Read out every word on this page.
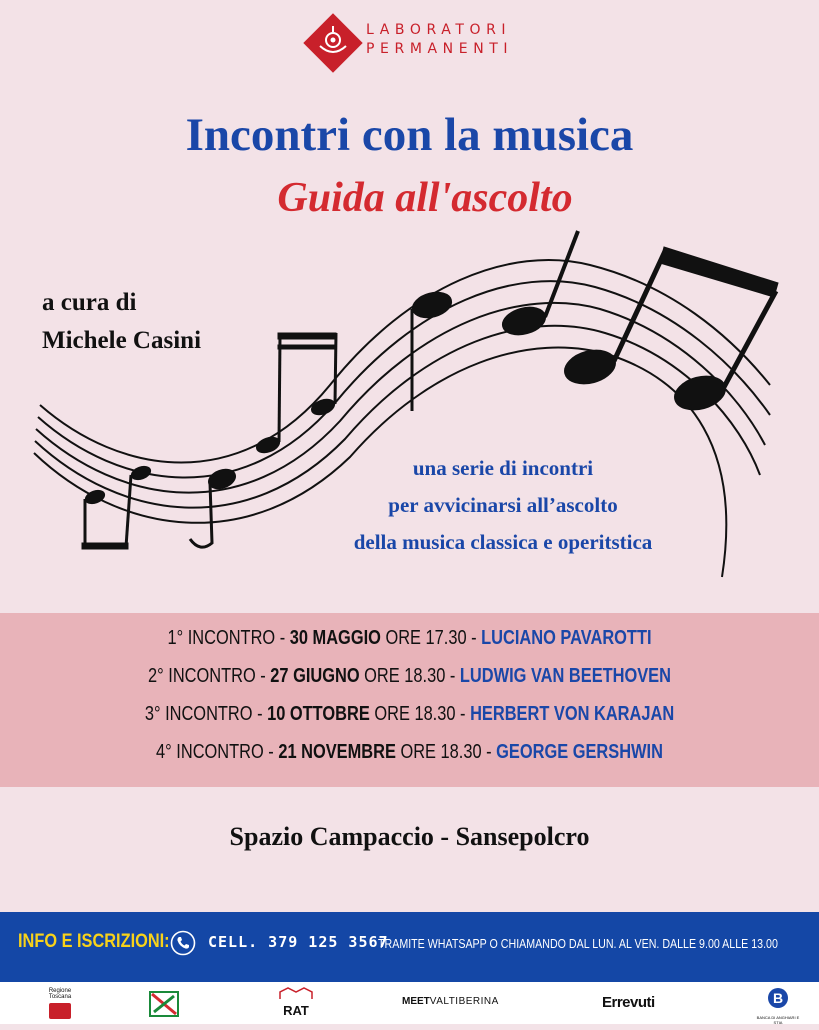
LABORATORI
PERMANENTI
Incontri con la musica
Guida all'ascolto
a cura di
Michele Casini
una serie di incontri
per avvicinarsi all’ascolto
della musica classica e operitstica
1° INCONTRO - 30 MAGGIO ORE 17.30 - LUCIANO PAVAROTTI
2° INCONTRO - 27 GIUGNO ORE 18.30 - LUDWIG VAN BEETHOVEN
3° INCONTRO - 10 OTTOBRE ORE 18.30 - HERBERT VON KARAJAN
4° INCONTRO - 21 NOVEMBRE ORE 18.30 - GEORGE GERSHWIN
Spazio Campaccio - Sansepolcro
INFO E ISCRIZIONI:	CELL. 379 125 3567
TRAMITE WHATSAPP O CHIAMANDO DAL LUN. AL VEN. DALLE 9.00 ALLE 13.00
Regione Toscana
RAT
MEETVALTIBERINA	Errevuti	B
BANCA DI ANGHIARI E STIA
